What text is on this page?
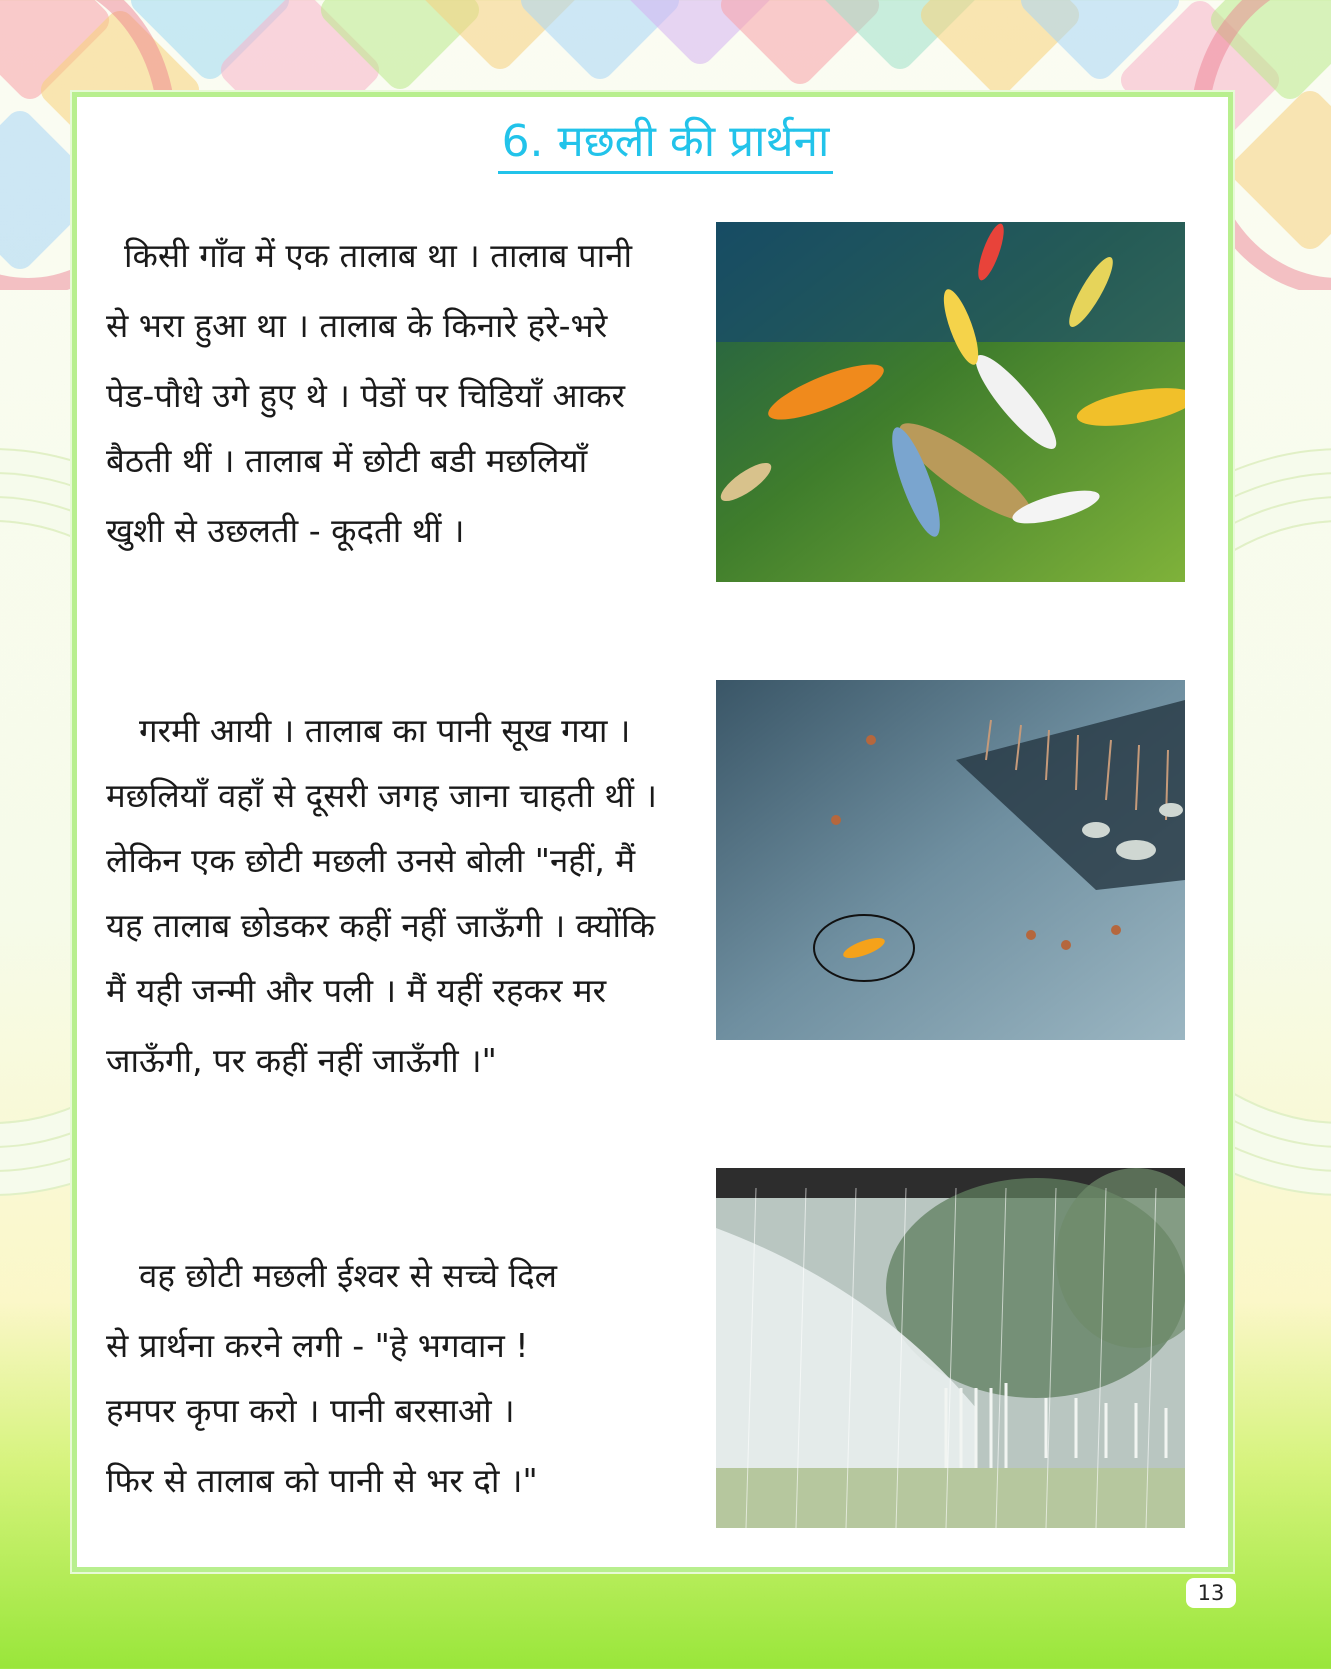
6. मछली की प्रार्थना
किसी गाँव में एक तालाब था । तालाब पानी
से भरा हुआ था । तालाब के किनारे हरे-भरे
पेड-पौधे उगे हुए थे । पेडों पर चिडियाँ आकर
बैठती थीं । तालाब में छोटी बडी मछलियाँ
खुशी से उछलती - कूदती थीं ।
गरमी आयी । तालाब का पानी सूख गया ।
मछलियाँ वहाँ से दूसरी जगह जाना चाहती थीं ।
लेकिन एक छोटी मछली उनसे बोली "नहीं, मैं
यह तालाब छोडकर कहीं नहीं जाऊँगी । क्योंकि
मैं यही जन्मी और पली । मैं यहीं रहकर मर
जाऊँगी, पर कहीं नहीं जाऊँगी ।"
वह छोटी मछली ईश्वर से सच्चे दिल
से प्रार्थना करने लगी - "हे भगवान !
हमपर कृपा करो । पानी बरसाओ ।
फिर से तालाब को पानी से भर दो ।"
13
